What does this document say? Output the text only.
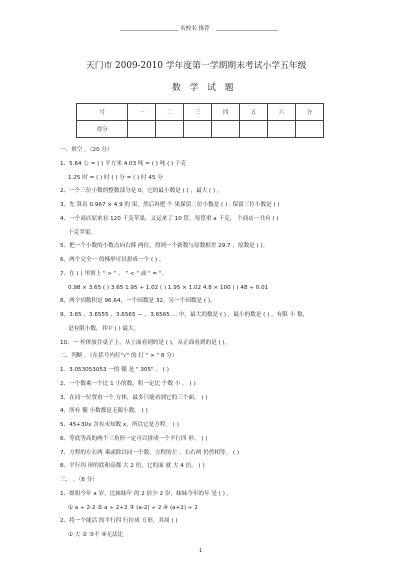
名校名 推荐
天门市 2009-2010 学年度第一学期期末考试小学五年级
数 学 试 题
号	一	二	三	四	五	六	分
得分							
一、填空 。（20 分）
1、5.64 公 = ( ) 平方米 4.03 吨 = ( ) 吨 ( ) 千克
1.25 时 = ( ) 时 ( ) 分 = ( ) 时 45 分
2、一个三位小数的整数部分是 0，它的最小数是 ( ) ，最大 ( ) 。
3、先 算出 0.967 × 4.9 的 果，然后再把 个 果保留二位小数是 ( ) . 保留三位小数是 ( )
4、一个商店原来有 120 千克苹果，又运来了 10 筐，每筐重 a 千克， 个商店一共有 ( )
千克苹果。
5、把一个小数的小数点向右移 两位，得到一个新数与原数相差 29.7 ，原数是 ( )。
6、两个完全一 的梯形可以拼成一个 ( ) 。
7、在 ( ) 里填上 " > " 、 " < " 或 " = "。
0.98 × 3.65 ( ) 3.65 1.95 ÷ 1.02 ( ) 1.95 × 1.02 4.8 × 100 ( ) 48 ÷ 0.01
8、两个因数积是 96.64，一个因数是 32，另一个因数是 ( )。
9、3.65 、3.6555 、3.6565 — 、3.6565 … 中，最大的数是 ( ) ，最小的数是 ( ) ，有限 小 数，
是有限小数，其中 ( ) 最大。
10、一 柱体放在桌子上，从上面看到的是 ( )，从正面看到的是 ( )。
二、判断 。（在括号内打"√" 的 打 " × " 8 分）
1．3.053053053 一的 循 是 " 305" 。 ( )
2、一个数乘一个比 1 小的数，积一定比 个数 小 。 ( )
3、在同一位置看一个 方体，最多只能看到它的三个面。 ( )
4、所有 循 小数都是无限小数。 ( )
5、45+30x 含有未知数 x，所以它是方程。 ( )
6、等底等高的两个三角形一定可以拼成一个平行四 形。 ( )
7、方程的左右两 乘或除以同一个数，方程的左 ，右右两 仍然相等。 ( )
8、平行四 形的底和高都 大 2 倍，它的面 就 大 4 倍。 ( )
三、 。（6 分）
1、姐姐今年 a 岁，比妹妹年 的 2 倍少 2 岁，妹妹今年的年 是 ( ) 。
① a ÷ 2-2 ② a ÷ 2+2 ③ (a-2) ÷ 2 ④ (a+2) ÷ 2
2、将一个能活 的平行四 行拉成 方形，其周 ( )
① 大 ② ③不 ④无法比
1
